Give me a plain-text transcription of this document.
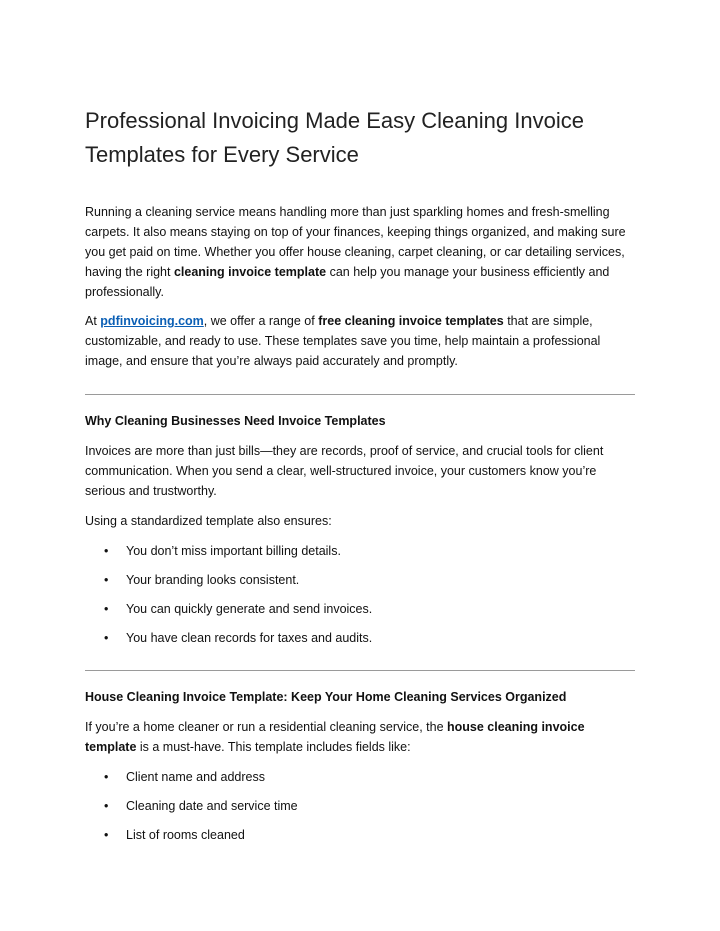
Professional Invoicing Made Easy Cleaning Invoice Templates for Every Service

Running a cleaning service means handling more than just sparkling homes and fresh-smelling carpets. It also means staying on top of your finances, keeping things organized, and making sure you get paid on time. Whether you offer house cleaning, carpet cleaning, or car detailing services, having the right cleaning invoice template can help you manage your business efficiently and professionally.

At pdfinvoicing.com, we offer a range of free cleaning invoice templates that are simple, customizable, and ready to use. These templates save you time, help maintain a professional image, and ensure that you’re always paid accurately and promptly.

Why Cleaning Businesses Need Invoice Templates

Invoices are more than just bills—they are records, proof of service, and crucial tools for client communication. When you send a clear, well-structured invoice, your customers know you’re serious and trustworthy.

Using a standardized template also ensures:

• You don’t miss important billing details.
• Your branding looks consistent.
• You can quickly generate and send invoices.
• You have clean records for taxes and audits.
House Cleaning Invoice Template: Keep Your Home Cleaning Services Organized

If you’re a home cleaner or run a residential cleaning service, the house cleaning invoice template is a must-have. This template includes fields like:

• Client name and address
• Cleaning date and service time
• List of rooms cleaned
